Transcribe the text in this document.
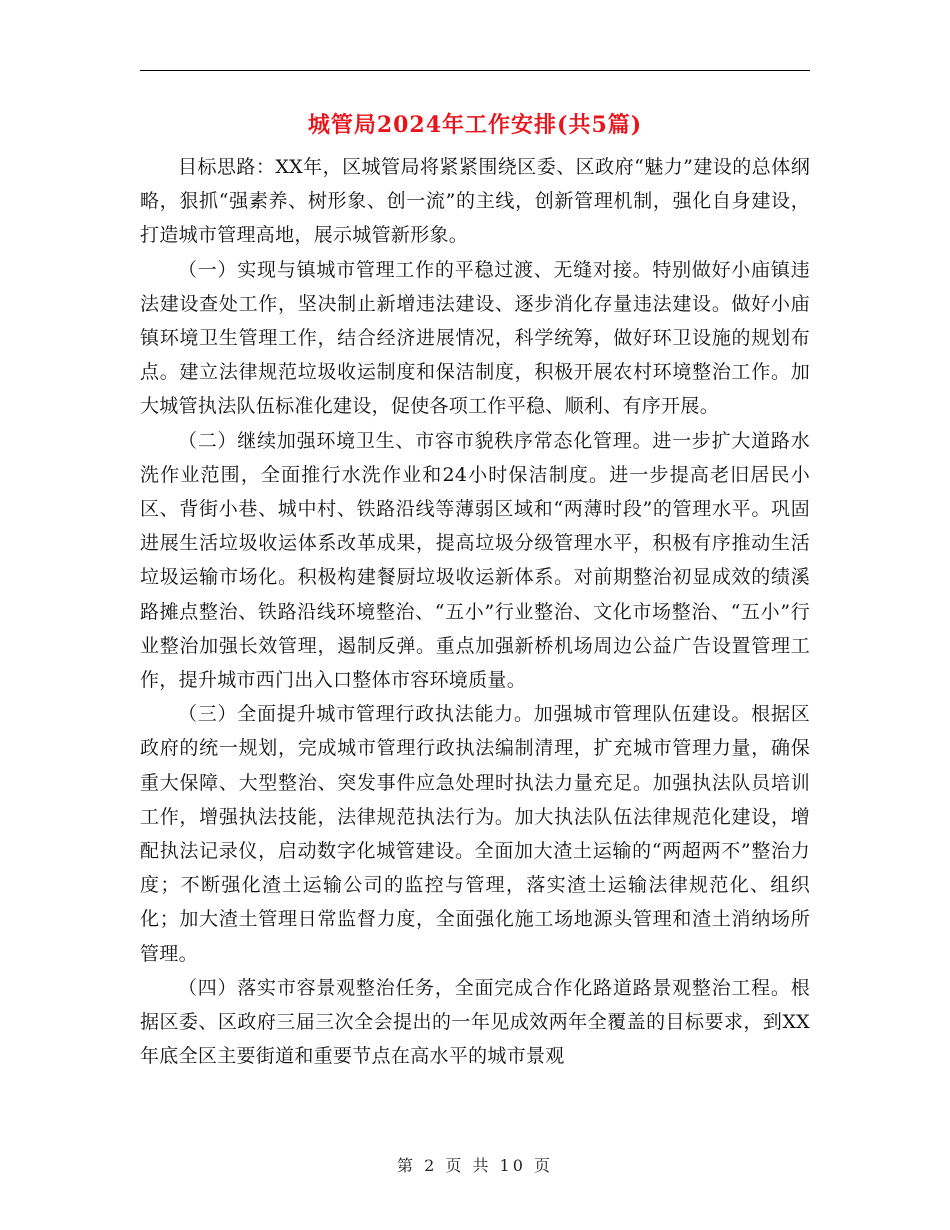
城管局2024年工作安排(共5篇)

目标思路：XX年，区城管局将紧紧围绕区委、区政府“魅力”建设的总体纲略，狠抓“强素养、树形象、创一流”的主线，创新管理机制，强化自身建设，打造城市管理高地，展示城管新形象。

（一）实现与镇城市管理工作的平稳过渡、无缝对接。特别做好小庙镇违法建设查处工作，坚决制止新增违法建设、逐步消化存量违法建设。做好小庙镇环境卫生管理工作，结合经济进展情况，科学统筹，做好环卫设施的规划布点。建立法律规范垃圾收运制度和保洁制度，积极开展农村环境整治工作。加大城管执法队伍标准化建设，促使各项工作平稳、顺利、有序开展。

（二）继续加强环境卫生、市容市貌秩序常态化管理。进一步扩大道路水洗作业范围，全面推行水洗作业和24小时保洁制度。进一步提高老旧居民小区、背街小巷、城中村、铁路沿线等薄弱区域和“两薄时段”的管理水平。巩固进展生活垃圾收运体系改革成果，提高垃圾分级管理水平，积极有序推动生活垃圾运输市场化。积极构建餐厨垃圾收运新体系。对前期整治初显成效的绩溪路摊点整治、铁路沿线环境整治、“五小”行业整治、文化市场整治、“五小”行业整治加强长效管理，遏制反弹。重点加强新桥机场周边公益广告设置管理工作，提升城市西门出入口整体市容环境质量。

（三）全面提升城市管理行政执法能力。加强城市管理队伍建设。根据区政府的统一规划，完成城市管理行政执法编制清理，扩充城市管理力量，确保重大保障、大型整治、突发事件应急处理时执法力量充足。加强执法队员培训工作，增强执法技能，法律规范执法行为。加大执法队伍法律规范化建设，增配执法记录仪，启动数字化城管建设。全面加大渣土运输的“两超两不”整治力度；不断强化渣土运输公司的监控与管理，落实渣土运输法律规范化、组织化；加大渣土管理日常监督力度，全面强化施工场地源头管理和渣土消纳场所管理。

（四）落实市容景观整治任务，全面完成合作化路道路景观整治工程。根据区委、区政府三届三次全会提出的一年见成效两年全覆盖的目标要求，到XX年底全区主要街道和重要节点在高水平的城市景观

第 2 页 共 10 页
